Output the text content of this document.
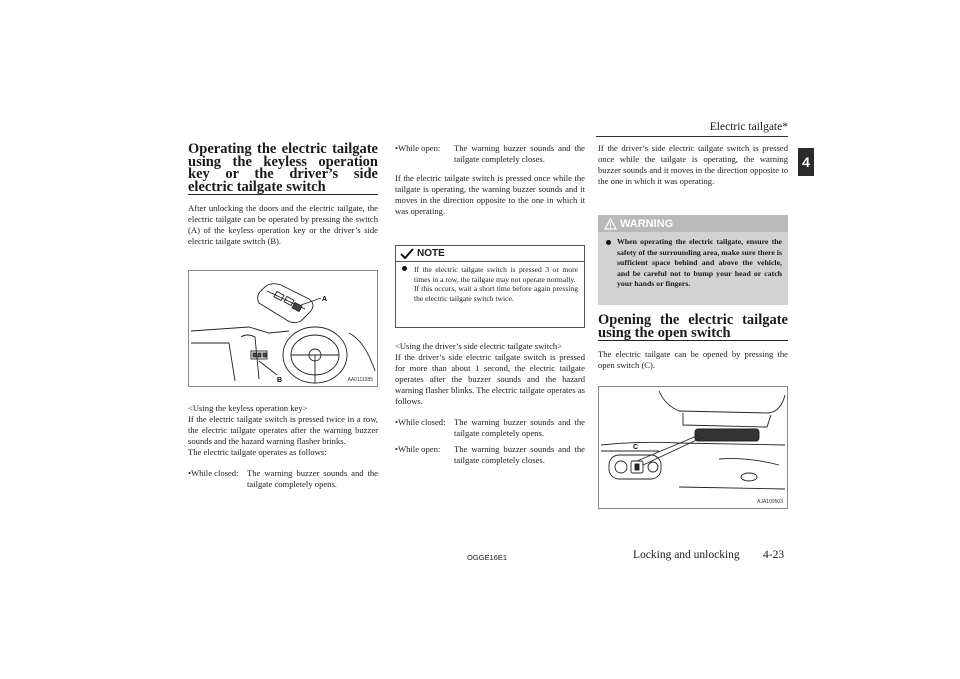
Electric tailgate*
4
Operating the electric tailgate using the keyless operation key or the driver’s side electric tailgate switch

After unlocking the doors and the electric tailgate, the electric tailgate can be operated by pressing the switch (A) of the keyless operation key or the driver’s side electric tailgate switch (B).

A
B	AA0111285

<Using the keyless operation key>

If the electric tailgate switch is pressed twice in a row, the electric tailgate operates after the warning buzzer sounds and the hazard warning flasher brinks.

The electric tailgate operates as follows:

•While closed:	The warning buzzer sounds and the tailgate completely opens.
•While open:	The warning buzzer sounds and the tailgate completely closes.

If the electric tailgate switch is pressed once while the tailgate is operating, the warning buzzer sounds and it moves in the direction opposite to the one in which it was operating.

NOTE
If the electric tailgate switch is pressed 3 or more times in a row, the tailgate may not operate normally.
If this occurs, wait a short time before again pressing the electric tailgate switch twice.

<Using the driver’s side electric tailgate switch>

If the driver’s side electric tailgate switch is pressed for more than about 1 second, the electric tailgate operates after the buzzer sounds and the hazard warning flasher blinks. The electric tailgate operates as follows.

•While closed:	The warning buzzer sounds and the tailgate completely opens.

•While open:	The warning buzzer sounds and the tailgate completely closes.

If the driver’s side electric tailgate switch is pressed once while the tailgate is operating, the warning buzzer sounds and it moves in the direction opposite to the one in which it was operating.

WARNING
When operating the electric tailgate, ensure the safety of the surrounding area, make sure there is sufficient space behind and above the vehicle, and be careful not to bump your head or catch your hands or fingers.
Opening the electric tailgate using the open switch

The electric tailgate can be opened by pressing the open switch (C).

C
AJA109503
OGGE16E1	Locking and unlocking 4-23
